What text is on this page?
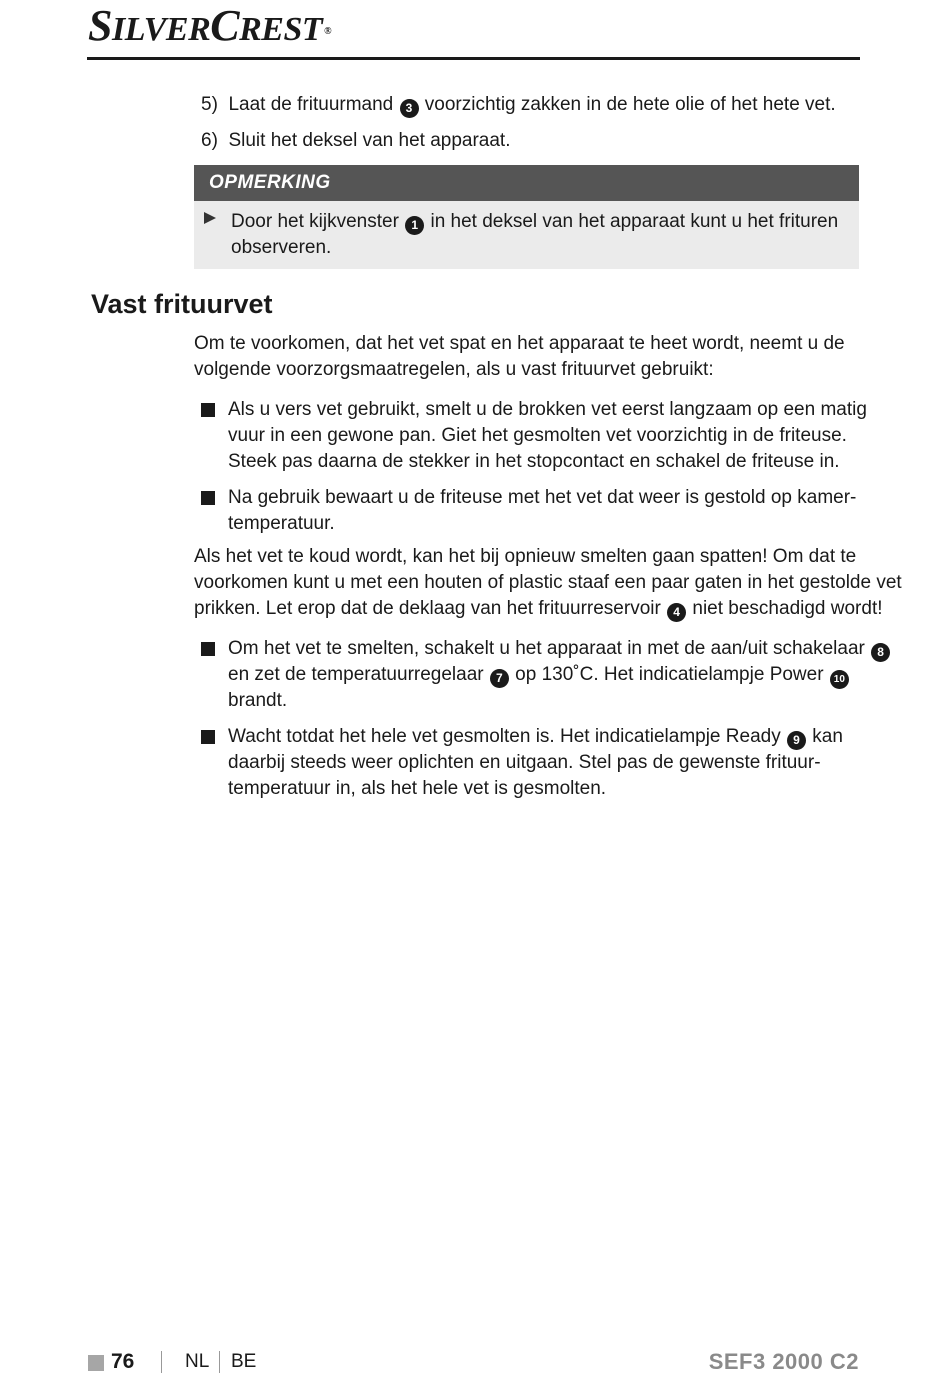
SILVERCREST ®
5) Laat de frituurmand 3 voorzichtig zakken in de hete olie of het hete vet.
6) Sluit het deksel van het apparaat.
OPMERKING
Door het kijkvenster 1 in het deksel van het apparaat kunt u het frituren
observeren.
Vast frituurvet
Om te voorkomen, dat het vet spat en het apparaat te heet wordt, neemt u de
volgende voorzorgsmaatregelen, als u vast frituurvet gebruikt:
Als u vers vet gebruikt, smelt u de brokken vet eerst langzaam op een matig
vuur in een gewone pan. Giet het gesmolten vet voorzichtig in de friteuse.
Steek pas daarna de stekker in het stopcontact en schakel de friteuse in.
Na gebruik bewaart u de friteuse met het vet dat weer is gestold op kamer-
temperatuur.
Als het vet te koud wordt, kan het bij opnieuw smelten gaan spatten! Om dat te
voorkomen kunt u met een houten of plastic staaf een paar gaten in het gestolde vet
prikken. Let erop dat de deklaag van het frituurreservoir 4 niet beschadigd wordt!
Om het vet te smelten, schakelt u het apparaat in met de aan/uit schakelaar 8
en zet de temperatuurregelaar 7 op 130˚C. Het indicatielampje Power 10
brandt.
Wacht totdat het hele vet gesmolten is. Het indicatielampje Ready 9 kan
daarbij steeds weer oplichten en uitgaan. Stel pas de gewenste frituur-
temperatuur in, als het hele vet is gesmolten.
76	NL BE	SEF3 2000 C2
